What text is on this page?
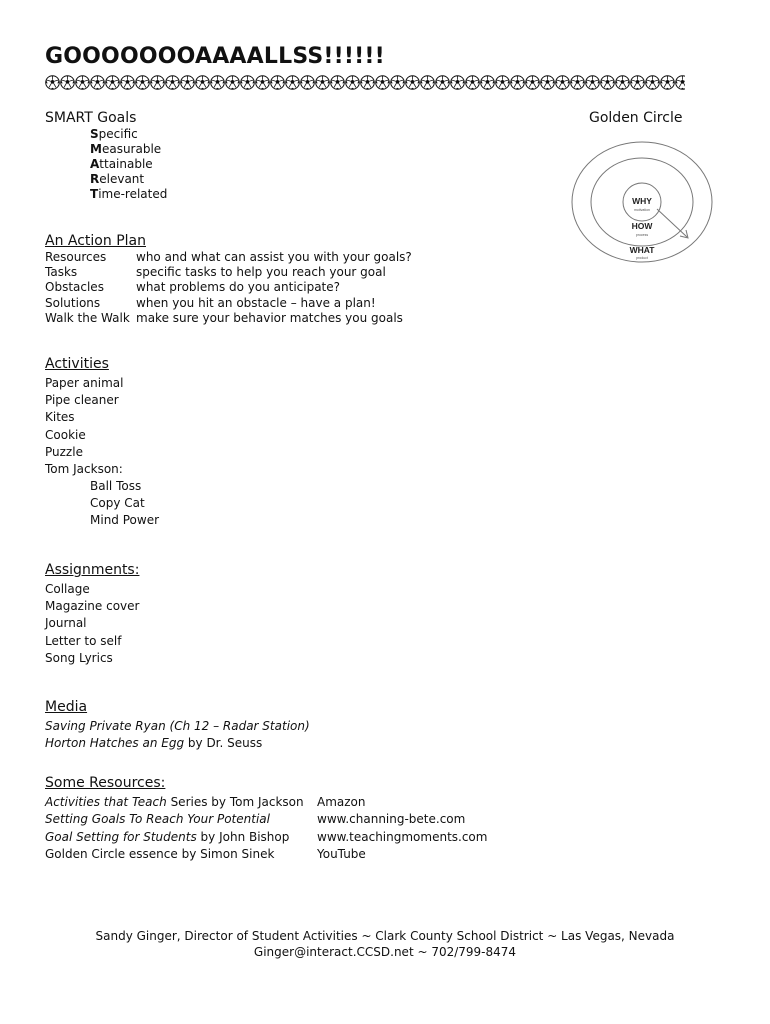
GOOOOOOOAAAALLSS!!!!!!
SMART Goals
Specific
Measurable
Attainable
Relevant
Time-related
Golden Circle
WHY
motivation
HOW
process
WHAT
product
An Action Plan
Resources	who and what can assist you with your goals?
Tasks	specific tasks to help you reach your goal
Obstacles	what problems do you anticipate?
Solutions	when you hit an obstacle – have a plan!
Walk the Walk	make sure your behavior matches you goals
Activities
Paper animal
Pipe cleaner
Kites
Cookie
Puzzle
Tom Jackson:
Ball Toss
Copy Cat
Mind Power
Assignments:
Collage
Magazine cover
Journal
Letter to self
Song Lyrics
Media
Saving Private Ryan (Ch 12 – Radar Station)
Horton Hatches an Egg by Dr. Seuss
Some Resources:
Activities that Teach Series by Tom Jackson	Amazon
Setting Goals To Reach Your Potential	www.channing-bete.com
Goal Setting for Students by John Bishop	www.teachingmoments.com
Golden Circle essence by Simon Sinek	YouTube
Sandy Ginger, Director of Student Activities ~ Clark County School District ~ Las Vegas, Nevada
Ginger@interact.CCSD.net ~ 702/799-8474
